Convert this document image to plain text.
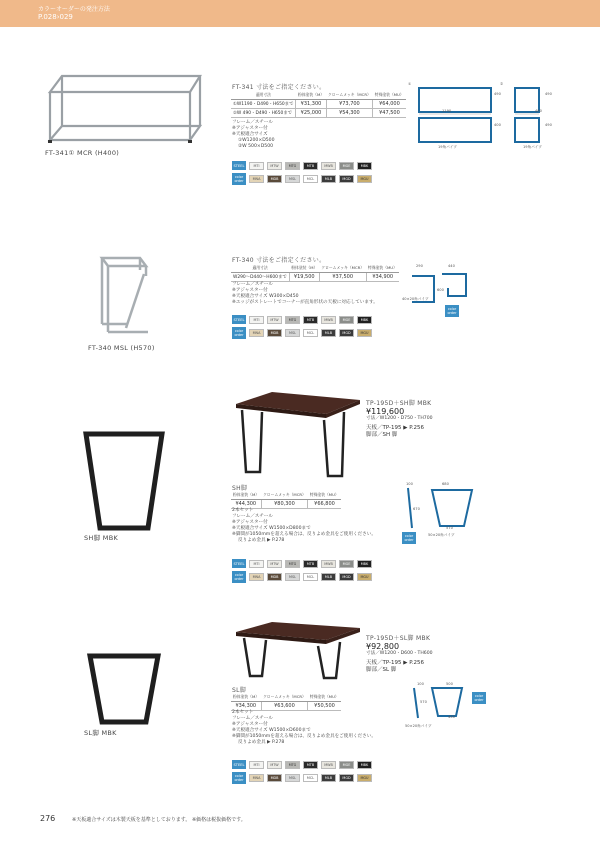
カラーオーダーの発注方法
P.028›029
FT-341① MCR (H400)
FT-341 寸法をご指定ください。
適用寸法	粉体塗装（M）	クロームメッキ（MCR）	特殊塗装（MU）
①W1190・D490・H650まで	¥31,300	¥73,700	¥64,000
②W 490・D490・H650まで	¥25,000	¥54,300	¥47,500
フレーム／スチール
※アジャスター付
※天板適合サイズ
①W1200×D500
②W 500×D500
①	②
1190	490
490	490
400	490
19角パイプ	19角パイプ
STEEL	MTI	MTW	MTG	MTB	MWB	MGE	MBK
color order	MNA	MDB	MSL	MCL	MLB	MGD	MGU
FT-340 MSL (H570)
FT-340 寸法をご指定ください。
適用寸法	粉体塗装（M）	クロームメッキ（MCR）	特殊塗装（MU）
W290～D440～H600まで	¥19,500	¥37,500	¥34,900
フレーム／スチール
※アジャスター付
※天板適合サイズ W300×D450
※エッジがストレートでコーナーが直角形状の天板に対応しています。
290	440
600
40×20角パイプ
color order
STEEL	MTI	MTW	MTG	MTB	MWB	MGE	MBK
color order	MNA	MDB	MSL	MCL	MLB	MGD	MGU
TP-195D＋SH脚 MBK
¥119,600
寸法／W1200・D750・TH700
天板／TP-195 ▶ P.256
脚部／SH 脚
SH脚 MBK
SH脚
粉体塗装（M）	クロームメッキ（MCR）	特殊塗装（MU）
¥44,300	¥80,300	¥66,800
2本セット
フレーム／スチール
※アジャスター付
※天板適合サイズ W1500×D800まで
※脚間が1050mmを超える場合は、反りよめ金具をご使用ください。
反りよめ金具 ▶ P.278
100	680
670
570
50×20角パイプ
color order
STEEL	MTI	MTW	MTG	MTB	MWB	MGE	MBK
color order	MNA	MDB	MSL	MCL	MLB	MGD	MGU
TP-195D＋SL脚 MBK
¥92,800
寸法／W1200・D600・TH600
天板／TP-195 ▶ P.256
脚部／SL 脚
SL脚 MBK
SL脚
粉体塗装（M）	クロームメッキ（MCR）	特殊塗装（MU）
¥34,300	¥63,600	¥50,500
2本セット
フレーム／スチール
※アジャスター付
※天板適合サイズ W1500×D600まで
※脚間が1050mmを超える場合は、反りよめ金具をご使用ください。
反りよめ金具 ▶ P.278
100	500
570
430
50×20角パイプ
color order
STEEL	MTI	MTW	MTG	MTB	MWB	MGE	MBK
color order	MNA	MDB	MSL	MCL	MLB	MGD	MGU
276	※天板適合サイズは木製天板を基準としております。 ※価格は税抜価格です。
